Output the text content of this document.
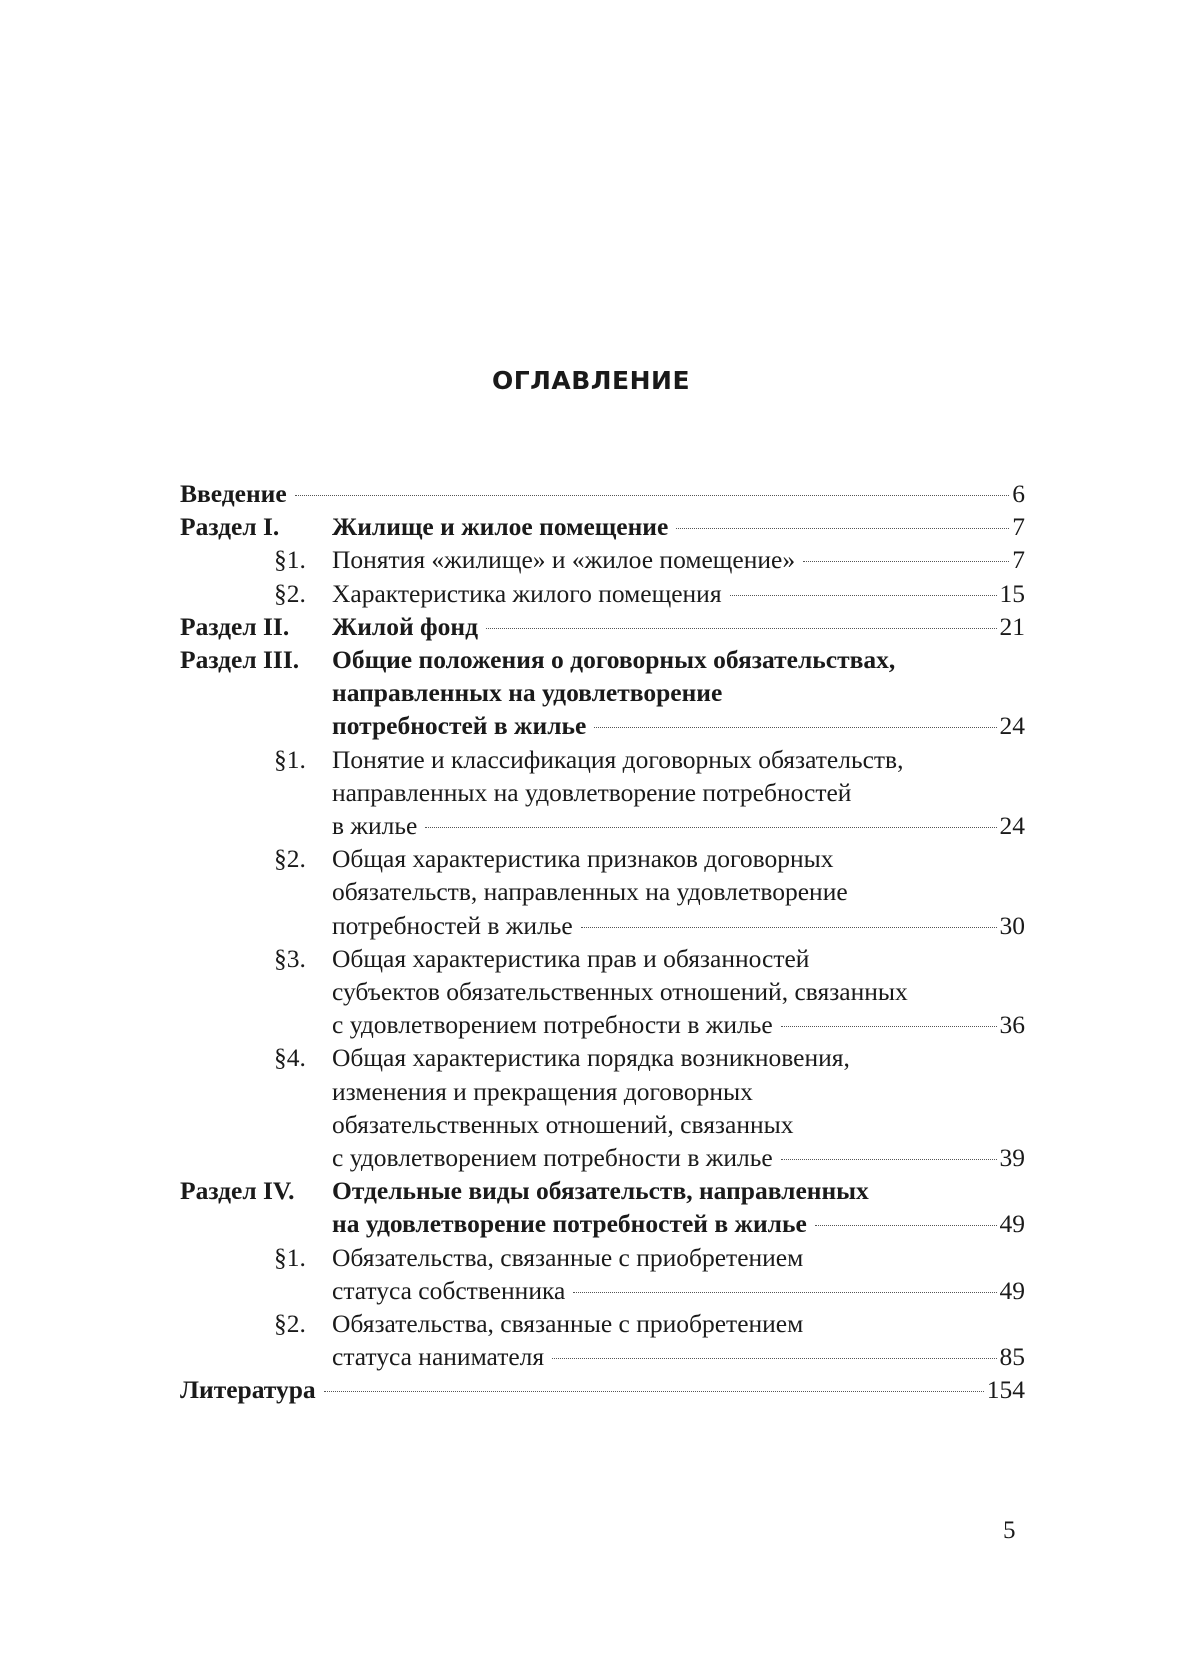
ОГЛАВЛЕНИЕ
Введение	6
Раздел I. Жилище и жилое помещение	7
§1. Понятия «жилище» и «жилое помещение»	7
§2. Характеристика жилого помещения	15
Раздел II. Жилой фонд	21
Раздел III. Общие положения о договорных обязательствах,
направленных на удовлетворение
потребностей в жилье	24
§1. Понятие и классификация договорных обязательств,
направленных на удовлетворение потребностей
в жилье	24
§2. Общая характеристика признаков договорных
обязательств, направленных на удовлетворение
потребностей в жилье	30
§3. Общая характеристика прав и обязанностей
субъектов обязательственных отношений, связанных
с удовлетворением потребности в жилье	36
§4. Общая характеристика порядка возникновения,
изменения и прекращения договорных
обязательственных отношений, связанных
с удовлетворением потребности в жилье	39
Раздел IV. Отдельные виды обязательств, направленных
на удовлетворение потребностей в жилье	49
§1. Обязательства, связанные с приобретением
статуса собственника	49
§2. Обязательства, связанные с приобретением
статуса нанимателя	85
Литература	154
5
